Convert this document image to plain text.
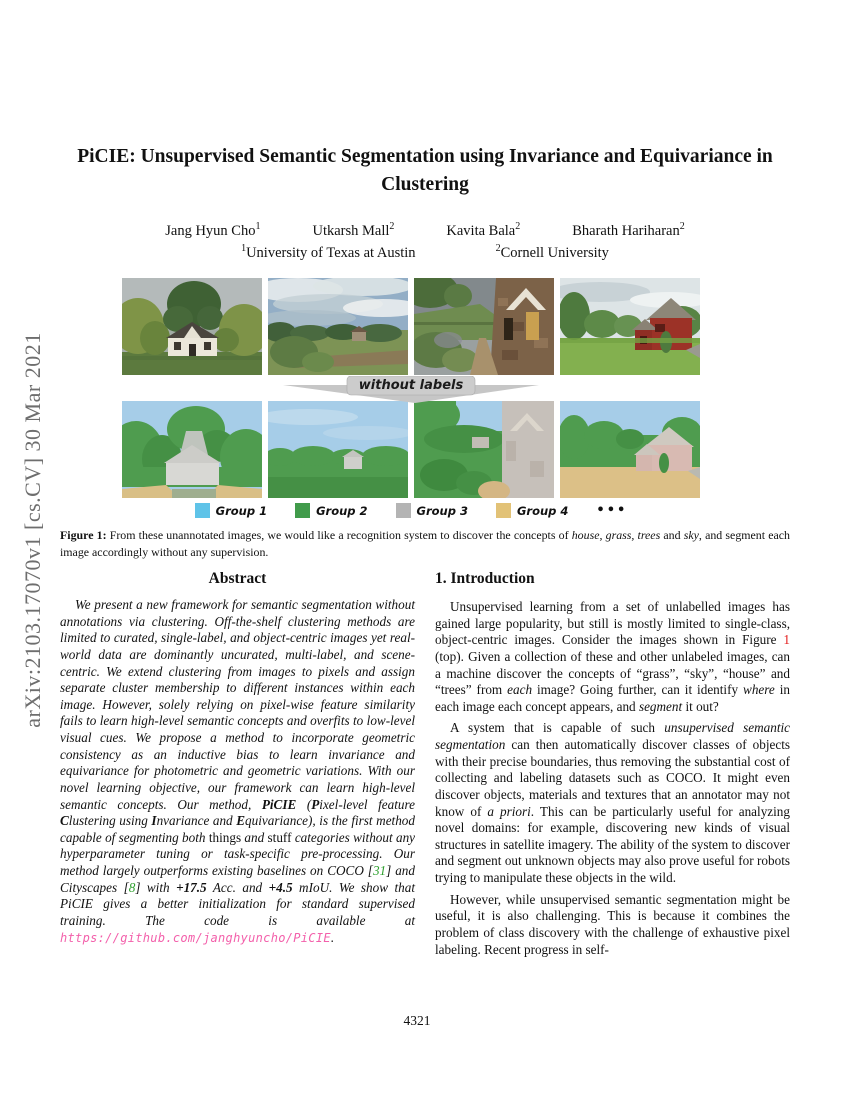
arXiv:2103.17070v1 [cs.CV] 30 Mar 2021
PiCIE: Unsupervised Semantic Segmentation using Invariance and Equivariance in Clustering
Jang Hyun Cho$^1$	Utkarsh Mall$^2$	Kavita Bala$^2$	Bharath Hariharan$^2$
$^1$University of Texas at Austin	$^2$Cornell University
without labels
Group 1	Group 2	Group 3	Group 4 •••
Figure 1: From these unannotated images, we would like a recognition system to discover the concepts of house, grass, trees and sky, and segment each image accordingly without any supervision.
Abstract
We present a new framework for semantic segmentation without annotations via clustering. Off-the-shelf clustering methods are limited to curated, single-label, and object-centric images yet real-world data are dominantly uncurated, multi-label, and scene-centric. We extend clustering from images to pixels and assign separate cluster membership to different instances within each image. However, solely relying on pixel-wise feature similarity fails to learn high-level semantic concepts and overfits to low-level visual cues. We propose a method to incorporate geometric consistency as an inductive bias to learn invariance and equivariance for photometric and geometric variations. With our novel learning objective, our framework can learn high-level semantic concepts. Our method, PiCIE (Pixel-level feature Clustering using Invariance and Equivariance), is the first method capable of segmenting both things and stuff categories without any hyperparameter tuning or task-specific pre-processing. Our method largely outperforms existing baselines on COCO [31] and Cityscapes [8] with +17.5 Acc. and +4.5 mIoU. We show that PiCIE gives a better initialization for standard supervised training. The code is available at https://github.com/janghyuncho/PiCIE.
1. Introduction
Unsupervised learning from a set of unlabelled images has gained large popularity, but still is mostly limited to single-class, object-centric images. Consider the images shown in Figure 1 (top). Given a collection of these and other unlabeled images, can a machine discover the concepts of “grass”, “sky”, “house” and “trees” from each image? Going further, can it identify where in each image each concept appears, and segment it out?
A system that is capable of such unsupervised semantic segmentation can then automatically discover classes of objects with their precise boundaries, thus removing the substantial cost of collecting and labeling datasets such as COCO. It might even discover objects, materials and textures that an annotator may not know of a priori. This can be particularly useful for analyzing novel domains: for example, discovering new kinds of visual structures in satellite imagery. The ability of the system to discover and segment out unknown objects may also prove useful for robots trying to manipulate these objects in the wild.
However, while unsupervised semantic segmentation might be useful, it is also challenging. This is because it combines the problem of class discovery with the challenge of exhaustive pixel labeling. Recent progress in self-
4321
